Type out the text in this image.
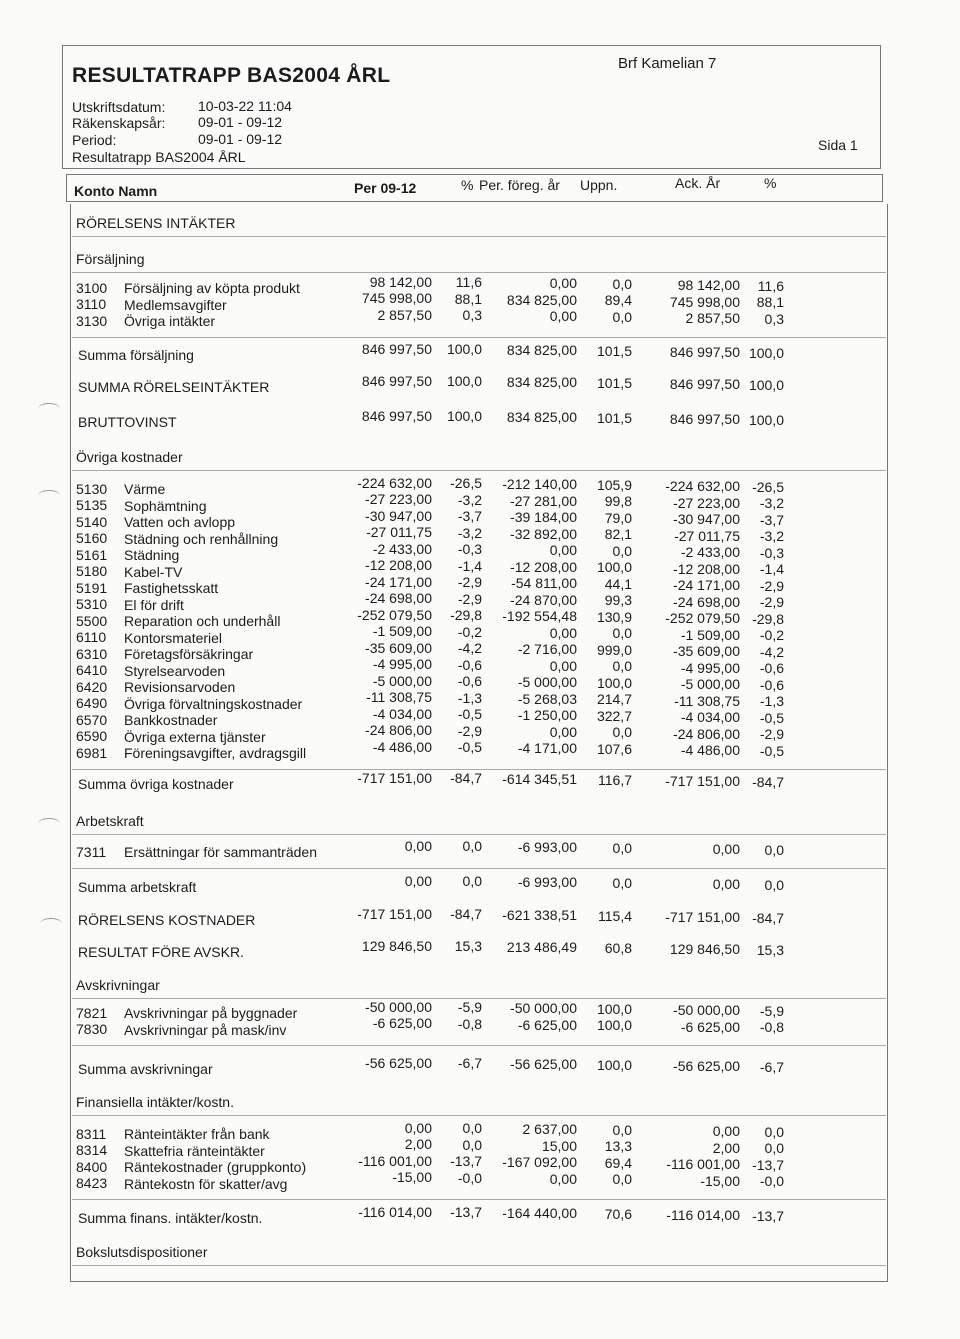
RESULTATRAPP BAS2004 ÅRL
Brf Kamelian 7
Utskriftsdatum: 10-03-22 11:04
Räkenskapsår: 09-01 - 09-12
Period:	09-01 - 09-12
Resultatrapp BAS2004 ÅRL
Sida 1
Konto Namn	Per 09-12	% Per. föreg. år Uppn.	Ack. År	%
RÖRELSENS INTÄKTER
Försäljning
3100 Försäljning av köpta produkt	98 142,00 11,6	0,00	0,0	98 142,00 11,6
3110 Medlemsavgifter	745 998,00 88,1 834 825,00 89,4	745 998,00 88,1
3130 Övriga intäkter	2 857,50 0,3	0,00	0,0	2 857,50 0,3
Summa försäljning	846 997,50 100,0 834 825,00 101,5	846 997,50 100,0
SUMMA RÖRELSEINTÄKTER	846 997,50 100,0 834 825,00 101,5	846 997,50 100,0
BRUTTOVINST	846 997,50 100,0 834 825,00 101,5	846 997,50 100,0
Övriga kostnader
5130 Värme	-224 632,00 -26,5 -212 140,00 105,9 -224 632,00 -26,5
5135 Sophämtning	-27 223,00 -3,2 -27 281,00 99,8	-27 223,00 -3,2
5140 Vatten och avlopp	-30 947,00 -3,7 -39 184,00 79,0	-30 947,00 -3,7
5160 Städning och renhållning	-27 011,75 -3,2 -32 892,00 82,1	-27 011,75 -3,2
5161 Städning	-2 433,00 -0,3	0,00	0,0	-2 433,00 -0,3
5180 Kabel-TV	-12 208,00 -1,4 -12 208,00 100,0	-12 208,00 -1,4
5191 Fastighetsskatt	-24 171,00 -2,9 -54 811,00 44,1	-24 171,00 -2,9
5310 El för drift	-24 698,00 -2,9 -24 870,00 99,3	-24 698,00 -2,9
5500 Reparation och underhåll	-252 079,50 -29,8 -192 554,48 130,9 -252 079,50 -29,8
6110 Kontorsmateriel	-1 509,00 -0,2	0,00	0,0	-1 509,00 -0,2
6310 Företagsförsäkringar	-35 609,00 -4,2	-2 716,00 999,0	-35 609,00 -4,2
6410 Styrelsearvoden	-4 995,00 -0,6	0,00	0,0	-4 995,00 -0,6
6420 Revisionsarvoden	-5 000,00 -0,6	-5 000,00 100,0	-5 000,00 -0,6
6490 Övriga förvaltningskostnader	-11 308,75 -1,3	-5 268,03 214,7	-11 308,75 -1,3
6570 Bankkostnader	-4 034,00 -0,5	-1 250,00 322,7	-4 034,00 -0,5
6590 Övriga externa tjänster	-24 806,00 -2,9	0,00	0,0	-24 806,00 -2,9
6981 Föreningsavgifter, avdragsgill	-4 486,00 -0,5	-4 171,00 107,6	-4 486,00 -0,5
Summa övriga kostnader	-717 151,00 -84,7 -614 345,51 116,7 -717 151,00 -84,7
Arbetskraft
7311 Ersättningar för sammanträden	0,00 0,0	-6 993,00	0,0	0,00 0,0
Summa arbetskraft	0,00 0,0	-6 993,00	0,0	0,00 0,0
RÖRELSENS KOSTNADER	-717 151,00 -84,7 -621 338,51 115,4 -717 151,00 -84,7
RESULTAT FÖRE AVSKR.	129 846,50 15,3 213 486,49 60,8	129 846,50 15,3
Avskrivningar
7821 Avskrivningar på byggnader	-50 000,00 -5,9 -50 000,00 100,0	-50 000,00 -5,9
7830 Avskrivningar på mask/inv	-6 625,00 -0,8	-6 625,00 100,0	-6 625,00 -0,8
Summa avskrivningar	-56 625,00 -6,7 -56 625,00 100,0	-56 625,00 -6,7
Finansiella intäkter/kostn.
8311 Ränteintäkter från bank	0,00 0,0	2 637,00	0,0	0,00 0,0
8314 Skattefria ränteintäkter	2,00 0,0	15,00 13,3	2,00 0,0
8400 Räntekostnader (gruppkonto)	-116 001,00 -13,7 -167 092,00 69,4 -116 001,00 -13,7
8423 Räntekostn för skatter/avg	-15,00 -0,0	0,00	0,0	-15,00 -0,0
Summa finans. intäkter/kostn.	-116 014,00 -13,7 -164 440,00 70,6 -116 014,00 -13,7
Bokslutsdispositioner
